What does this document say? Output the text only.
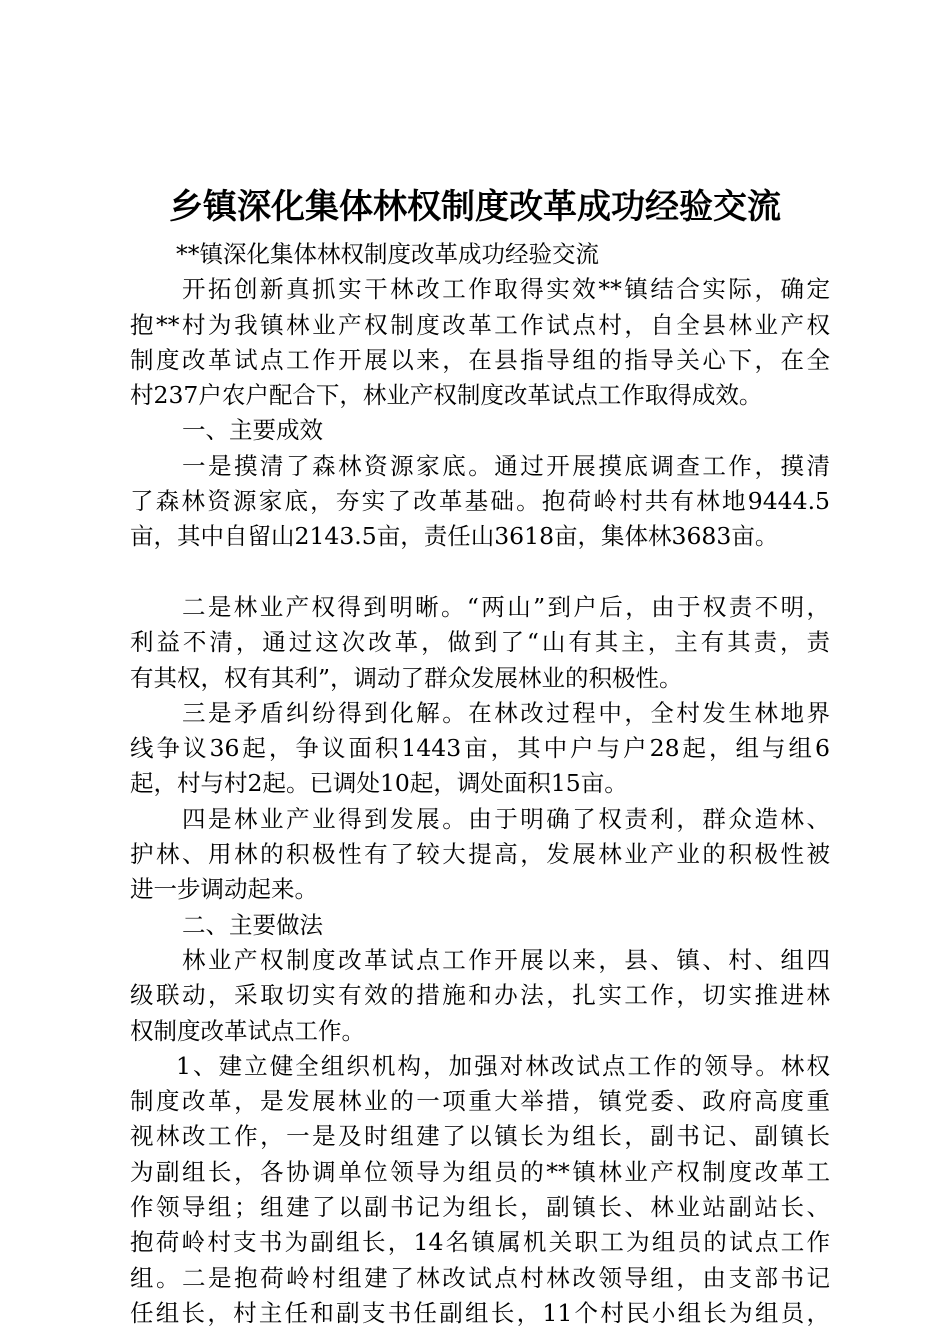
乡镇深化集体林权制度改革成功经验交流
**镇深化集体林权制度改革成功经验交流
开拓创新真抓实干林改工作取得实效**镇结合实际，确定
抱**村为我镇林业产权制度改革工作试点村，自全县林业产权
制度改革试点工作开展以来，在县指导组的指导关心下，在全
村237户农户配合下，林业产权制度改革试点工作取得成效。
一、主要成效
一是摸清了森林资源家底。通过开展摸底调查工作，摸清
了森林资源家底，夯实了改革基础。抱荷岭村共有林地9444.5
亩，其中自留山2143.5亩，责任山3618亩，集体林3683亩。
二是林业产权得到明晰。“两山”到户后，由于权责不明，
利益不清，通过这次改革，做到了“山有其主，主有其责，责
有其权，权有其利”，调动了群众发展林业的积极性。
三是矛盾纠纷得到化解。在林改过程中，全村发生林地界
线争议36起，争议面积1443亩，其中户与户28起，组与组6
起，村与村2起。已调处10起，调处面积15亩。
四是林业产业得到发展。由于明确了权责利，群众造林、
护林、用林的积极性有了较大提高，发展林业产业的积极性被
进一步调动起来。
二、主要做法
林业产权制度改革试点工作开展以来，县、镇、村、组四
级联动，采取切实有效的措施和办法，扎实工作，切实推进林
权制度改革试点工作。
1、建立健全组织机构，加强对林改试点工作的领导。林权
制度改革，是发展林业的一项重大举措，镇党委、政府高度重
视林改工作，一是及时组建了以镇长为组长，副书记、副镇长
为副组长，各协调单位领导为组员的**镇林业产权制度改革工
作领导组；组建了以副书记为组长，副镇长、林业站副站长、
抱荷岭村支书为副组长，14名镇属机关职工为组员的试点工作
组。二是抱荷岭村组建了林改试点村林改领导组，由支部书记
任组长，村主任和副支书任副组长，11个村民小组长为组员，
